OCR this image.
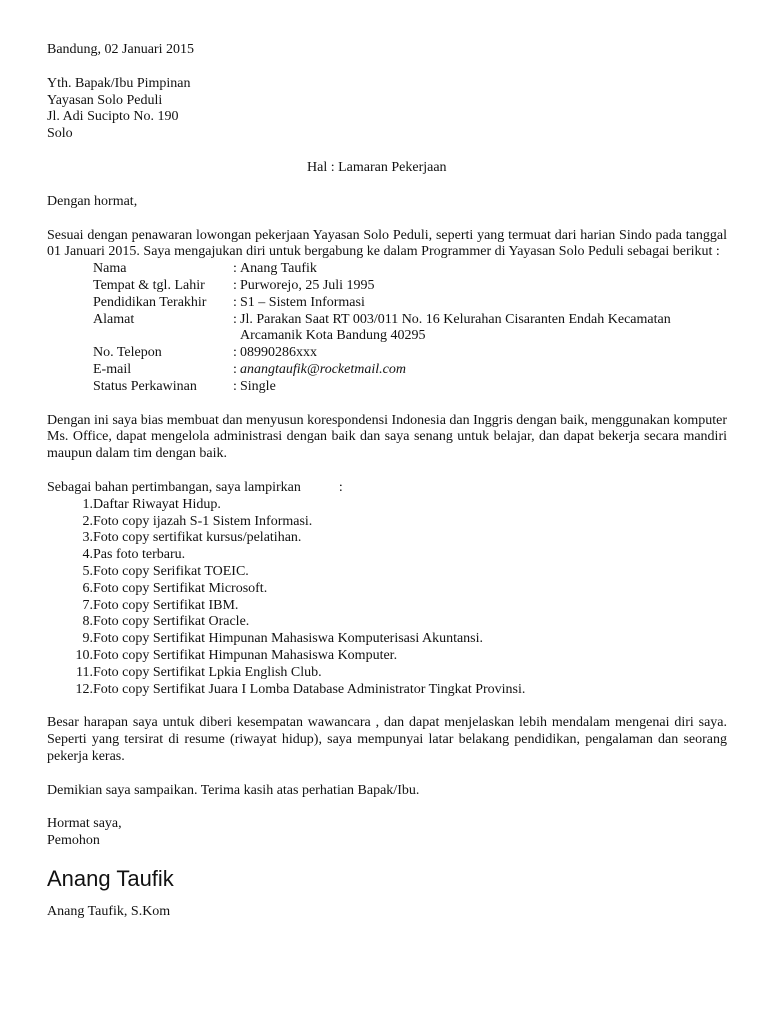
Bandung, 02 Januari 2015

Yth. Bapak/Ibu Pimpinan

Yayasan Solo Peduli

Jl. Adi Sucipto No. 190

Solo

Hal : Lamaran Pekerjaan

Dengan hormat,

Sesuai dengan penawaran lowongan pekerjaan Yayasan Solo Peduli, seperti yang termuat dari harian Sindo pada tanggal 01 Januari 2015. Saya mengajukan diri untuk bergabung ke dalam Programmer di Yayasan Solo Peduli sebagai berikut :

Nama	: Anang Taufik
Tempat & tgl. Lahir	: Purworejo, 25 Juli 1995
Pendidikan Terakhir	: S1 – Sistem Informasi
Alamat	: Jl. Parakan Saat RT 003/011 No. 16 Kelurahan Cisaranten Endah Kecamatan Arcamanik Kota Bandung 40295
No. Telepon	: 08990286xxx
E-mail	: anangtaufik@rocketmail.com
Status Perkawinan	: Single

Dengan ini saya bias membuat dan menyusun korespondensi Indonesia dan Inggris dengan baik, menggunakan komputer Ms. Office, dapat mengelola administrasi dengan baik dan saya senang untuk belajar, dan dapat bekerja secara mandiri maupun dalam tim dengan baik.

Sebagai bahan pertimbangan, saya lampirkan	:

1. Daftar Riwayat Hidup.
2. Foto copy ijazah S-1 Sistem Informasi.
3. Foto copy sertifikat kursus/pelatihan.
4. Pas foto terbaru.
5. Foto copy Serifikat TOEIC.
6. Foto copy Sertifikat Microsoft.
7. Foto copy Sertifikat IBM.
8. Foto copy Sertifikat Oracle.
9. Foto copy Sertifikat Himpunan Mahasiswa Komputerisasi Akuntansi.
10. Foto copy Sertifikat Himpunan Mahasiswa Komputer.
11. Foto copy Sertifikat Lpkia English Club.
12. Foto copy Sertifikat Juara I Lomba Database Administrator Tingkat Provinsi.

Besar harapan saya untuk diberi kesempatan wawancara , dan dapat menjelaskan lebih mendalam mengenai diri saya. Seperti yang tersirat di resume (riwayat hidup), saya mempunyai latar belakang pendidikan, pengalaman dan seorang pekerja keras.

Demikian saya sampaikan. Terima kasih atas perhatian Bapak/Ibu.

Hormat saya,

Pemohon

Anang Taufik

Anang Taufik, S.Kom
